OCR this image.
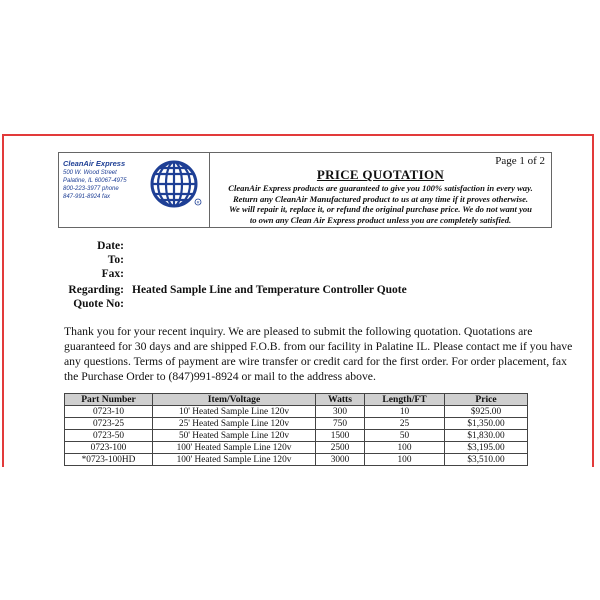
CleanAir Express
500 W. Wood Street
Palatine, IL 60067-4975
800-223-3977 phone
847-991-8924 fax
R
Page 1 of 2
PRICE QUOTATION
CleanAir Express products are guaranteed to give you 100% satisfaction in every way.
Return any CleanAir Manufactured product to us at any time if it proves otherwise.
We will repair it, replace it, or refund the original purchase price. We do not want you
to own any Clean Air Express product unless you are completely satisfied.
Date:
To:
Fax:
Regarding: Heated Sample Line and Temperature Controller Quote
Quote No:
Thank you for your recent inquiry. We are pleased to submit the following quotation. Quotations are guaranteed for 30 days and are shipped F.O.B. from our facility in Palatine IL. Please contact me if you have any questions. Terms of payment are wire transfer or credit card for the first order. For order placement, fax the Purchase Order to (847)991-8924 or mail to the address above.
Part Number	Item/Voltage	Watts	Length/FT	Price
0723-10	10' Heated Sample Line 120v	300	10	$925.00
0723-25	25' Heated Sample Line 120v	750	25	$1,350.00
0723-50	50' Heated Sample Line 120v	1500	50	$1,830.00
0723-100	100' Heated Sample Line 120v	2500	100	$3,195.00
*0723-100HD	100' Heated Sample Line 120v	3000	100	$3,510.00
